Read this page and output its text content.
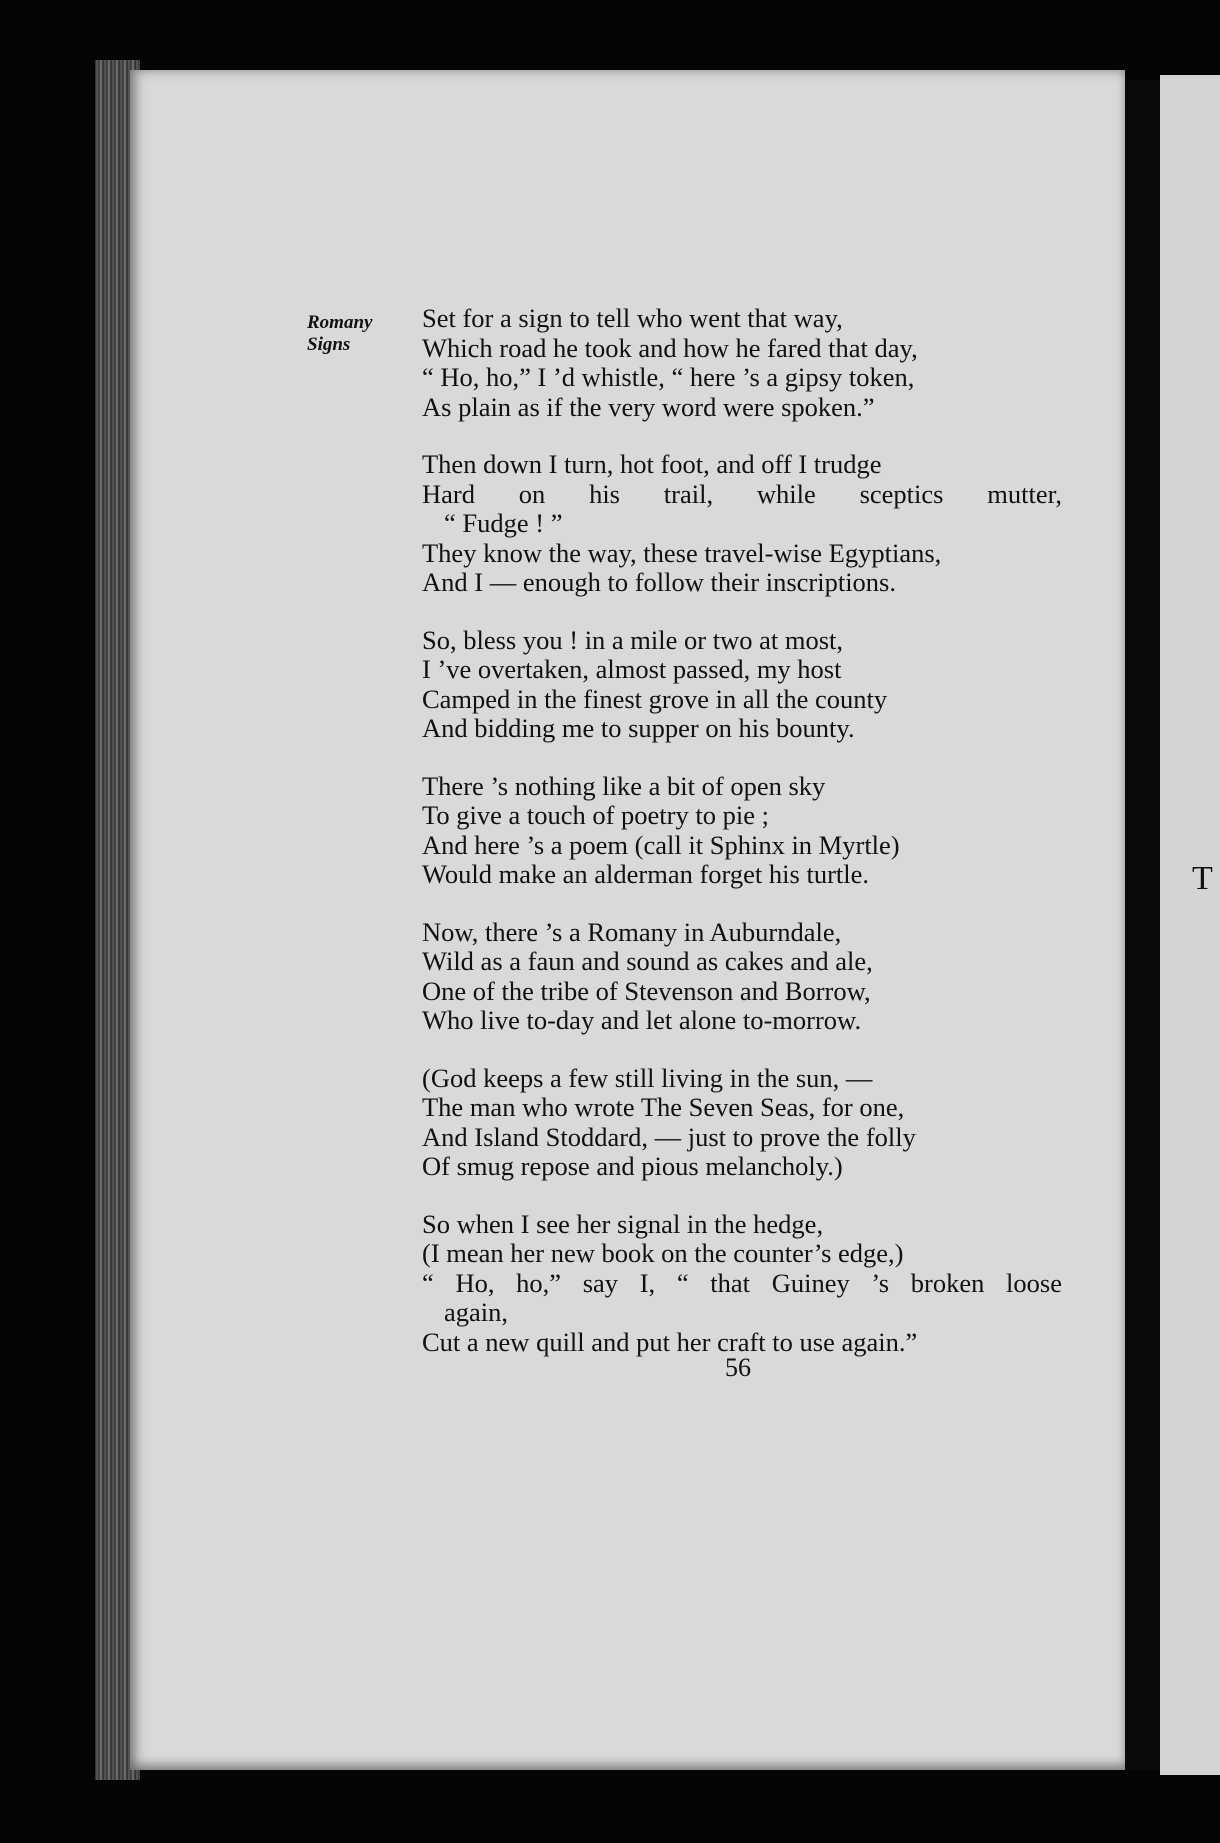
T
Romany
Signs
Set for a sign to tell who went that way,
Which road he took and how he fared that day,
“ Ho, ho,” I ’d whistle, “ here ’s a gipsy token,
As plain as if the very word were spoken.”
Then down I turn, hot foot, and off I trudge
Hard on his trail, while sceptics mutter,
“ Fudge ! ”
They know the way, these travel-wise Egyptians,
And I — enough to follow their inscriptions.
So, bless you ! in a mile or two at most,
I ’ve overtaken, almost passed, my host
Camped in the finest grove in all the county
And bidding me to supper on his bounty.
There ’s nothing like a bit of open sky
To give a touch of poetry to pie ;
And here ’s a poem (call it Sphinx in Myrtle)
Would make an alderman forget his turtle.
Now, there ’s a Romany in Auburndale,
Wild as a faun and sound as cakes and ale,
One of the tribe of Stevenson and Borrow,
Who live to-day and let alone to-morrow.
(God keeps a few still living in the sun, —
The man who wrote The Seven Seas, for one,
And Island Stoddard, — just to prove the folly
Of smug repose and pious melancholy.)
So when I see her signal in the hedge,
(I mean her new book on the counter’s edge,)
“ Ho, ho,” say I, “ that Guiney ’s broken loose
again,
Cut a new quill and put her craft to use again.”
56
